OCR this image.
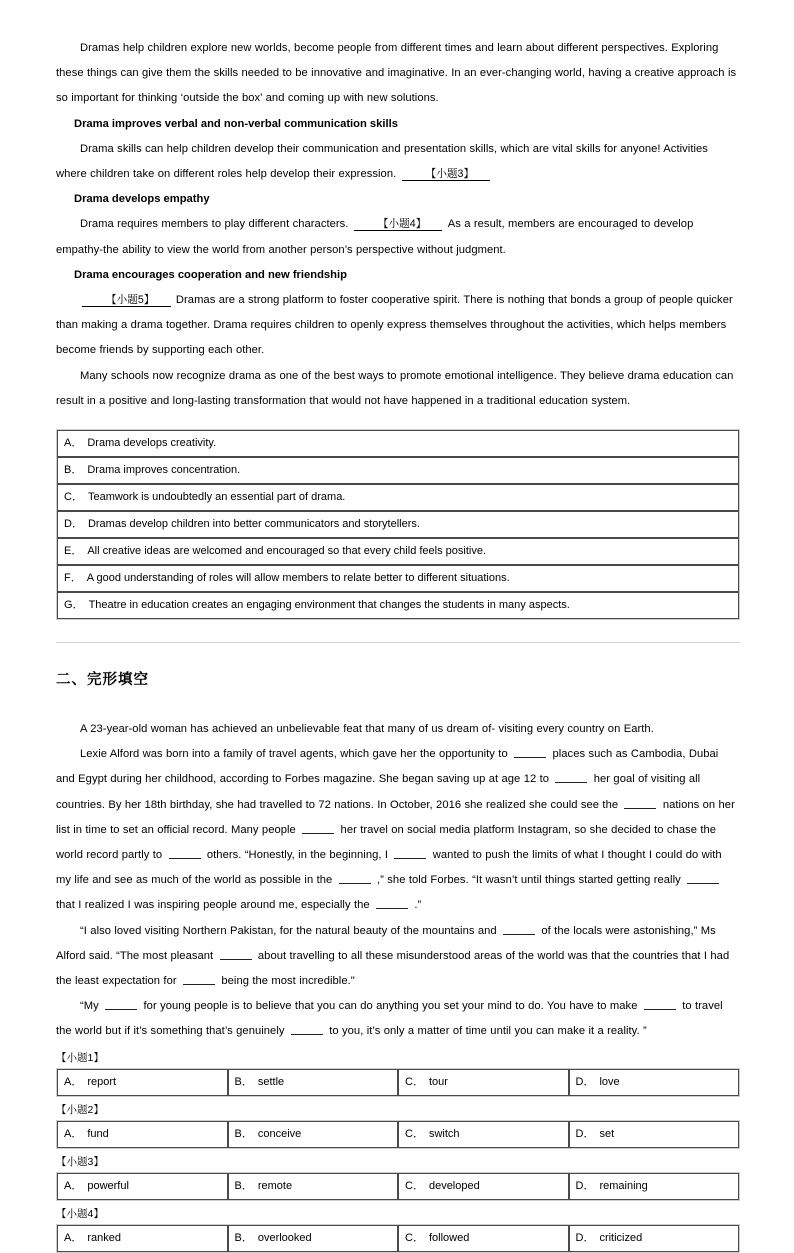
Dramas help children explore new worlds, become people from different times and learn about different perspectives. Exploring these things can give them the skills needed to be innovative and imaginative. In an ever-changing world, having a creative approach is so important for thinking ‘outside the box’ and coming up with new solutions.

Drama improves verbal and non-verbal communication skills

Drama skills can help children develop their communication and presentation skills, which are vital skills for anyone! Activities where children take on different roles help develop their expression.	【小题3】

Drama develops empathy

Drama requires members to play different characters.	【小题4】 As a result, members are encouraged to develop empathy-the ability to view the world from another person’s perspective without judgment.

Drama encourages cooperation and new friendship

【小题5】 Dramas are a strong platform to foster cooperative spirit. There is nothing that bonds a group of people quicker than making a drama together. Drama requires children to openly express themselves throughout the activities, which helps members become friends by supporting each other.

Many schools now recognize drama as one of the best ways to promote emotional intelligence. They believe drama education can result in a positive and long-lasting transformation that would not have happened in a traditional education system.

A． Drama develops creativity.
B． Drama improves concentration.
C． Teamwork is undoubtedly an essential part of drama.
D． Dramas develop children into better communicators and storytellers.
E． All creative ideas are welcomed and encouraged so that every child feels positive.
F． A good understanding of roles will allow members to relate better to different situations.
G． Theatre in education creates an engaging environment that changes the students in many aspects.
二、完形填空

A 23-year-old woman has achieved an unbelievable feat that many of us dream of- visiting every country on Earth.

Lexie Alford was born into a family of travel agents, which gave her the opportunity to	places such as Cambodia, Dubai and Egypt during her childhood, according to Forbes magazine. She began saving up at age 12 to	her goal of visiting all countries. By her 18th birthday, she had travelled to 72 nations. In October, 2016 she realized she could see the	nations on her list in time to set an official record. Many people	her travel on social media platform Instagram, so she decided to chase the world record partly to	others. “Honestly, in the beginning, I	wanted to push the limits of what I thought I could do with my life and see as much of the world as possible in the	,” she told Forbes. “It wasn’t until things started getting really  that I realized I was inspiring people around me, especially the	.”

“I also loved visiting Northern Pakistan, for the natural beauty of the mountains and	of the locals were astonishing,” Ms Alford said. “The most pleasant	about travelling to all these misunderstood areas of the world was that the countries that I had the least expectation for	being the most incredible."

“My	for young people is to believe that you can do anything you set your mind to do. You have to make	to travel the world but if it’s something that’s genuinely	to you, it’s only a matter of time until you can make it a reality. ”

【小题1】
A． report	B． settle	C． tour	D． love
【小题2】
A． fund	B． conceive	C． switch	D． set
【小题3】
A． powerful	B． remote	C． developed	D． remaining
【小题4】
A． ranked	B． overlooked	C． followed	D． criticized
